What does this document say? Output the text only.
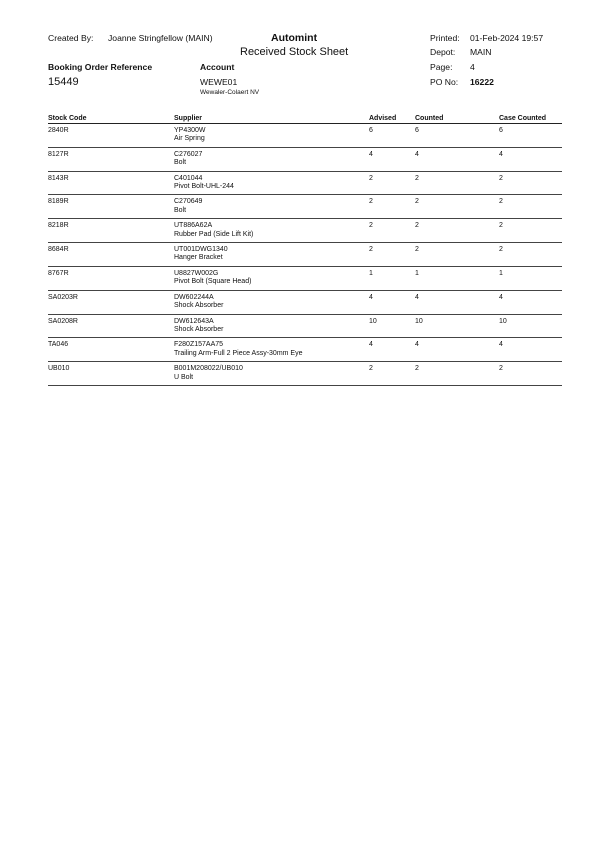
Created By: Joanne Stringfellow (MAIN)	Automint
Received Stock Sheet
Printed: 01-Feb-2024 19:57
Depot: MAIN
Page: 4
Booking Order Reference
15449
Account
WEWE01
Wewaler-Colaert NV
PO No: 16222
Stock Code	Supplier	Advised	Counted	Case Counted

2840R	YP4300W
Air Spring	6	6	6

8127R	C276027
Bolt	4	4	4

8143R	C401044
Pivot Bolt-UHL-244	2	2	2

8189R	C270649
Bolt	2	2	2

8218R	UT886A62A
Rubber Pad (Side Lift Kit)	2	2	2

8684R	UT001DWG1340
Hanger Bracket	2	2	2

8767R	U8827W002G
Pivot Bolt (Square Head)	1	1	1

SA0203R	DW602244A
Shock Absorber	4	4	4

SA0208R	DW612643A
Shock Absorber	10	10	10

TA046	F280Z157AA75
Trailing Arm-Full 2 Piece Assy-30mm Eye	4	4	4

UB010	B001M208022/UB010
U Bolt	2	2	2
